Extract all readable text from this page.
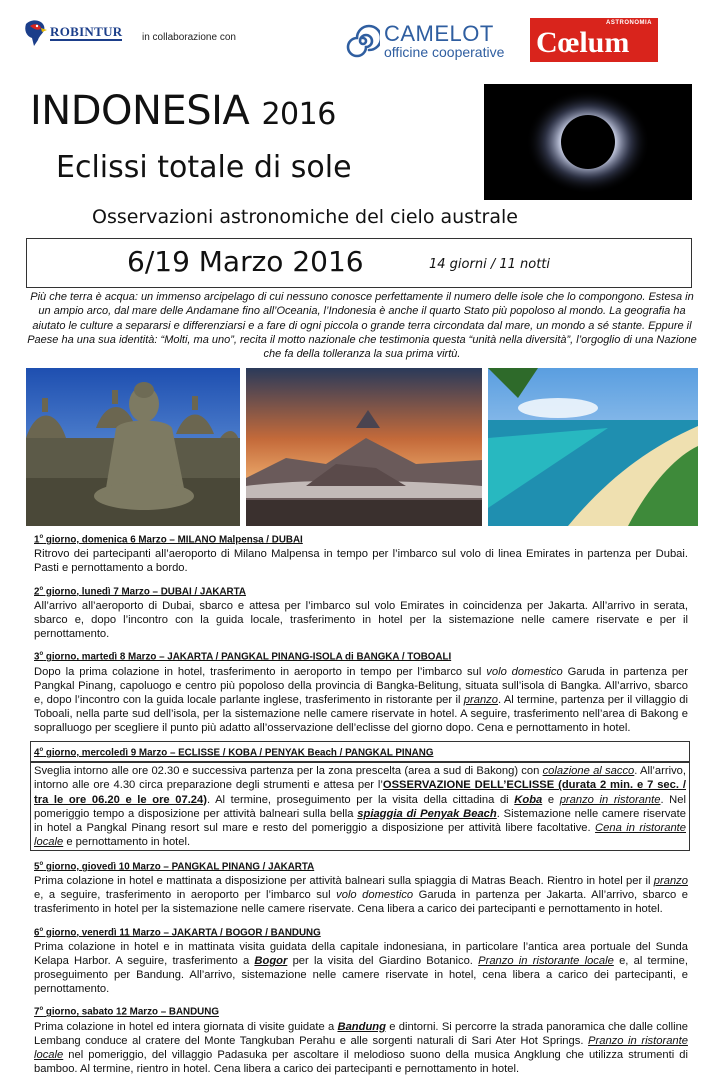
ROBINTUR in collaborazione con	CAMELOT
officine cooperative
ASTRONOMIA
Cœlum
INDONESIA 2016
Eclissi totale di sole
Osservazioni astronomiche del cielo australe
6/19 Marzo 2016	14 giorni / 11 notti
Più che terra è acqua: un immenso arcipelago di cui nessuno conosce perfettamente il numero delle isole che lo compongono. Estesa in un ampio arco, dal mare delle Andamane fino all’Oceania, l’Indonesia è anche il quarto Stato più popoloso al mondo. La geografia ha aiutato le culture a separarsi e differenziarsi e a fare di ogni piccola o grande terra circondata dal mare, un mondo a sé stante. Eppure il Paese ha una sua identità: “Molti, ma uno”, recita il motto nazionale che testimonia questa “unità nella diversità”, l’orgoglio di una Nazione che fa della tolleranza la sua prima virtù.
1$^o$ giorno, domenica 6 Marzo – MILANO Malpensa / DUBAI

Ritrovo dei partecipanti all’aeroporto di Milano Malpensa in tempo per l’imbarco sul volo di linea Emirates in partenza per Dubai. Pasti e pernottamento a bordo.

2$^o$ giorno, lunedì 7 Marzo – DUBAI / JAKARTA

All’arrivo all’aeroporto di Dubai, sbarco e attesa per l’imbarco sul volo Emirates in coincidenza per Jakarta. All’arrivo in serata, sbarco e, dopo l’incontro con la guida locale, trasferimento in hotel per la sistemazione nelle camere riservate e per il pernottamento.

3$^o$ giorno, martedì 8 Marzo – JAKARTA / PANGKAL PINANG-ISOLA di BANGKA / TOBOALI

Dopo la prima colazione in hotel, trasferimento in aeroporto in tempo per l’imbarco sul volo domestico Garuda in partenza per Pangkal Pinang, capoluogo e centro più popoloso della provincia di Bangka-Belitung, situata sull’isola di Bangka. All’arrivo, sbarco e, dopo l’incontro con la guida locale parlante inglese, trasferimento in ristorante per il pranzo. Al termine, partenza per il villaggio di Toboali, nella parte sud dell’isola, per la sistemazione nelle camere riservate in hotel. A seguire, trasferimento nell’area di Bakong e sopralluogo per scegliere il punto più adatto all’osservazione dell’eclisse del giorno dopo. Cena e pernottamento in hotel.

4$^o$ giorno, mercoledì 9 Marzo – ECLISSE / KOBA / PENYAK Beach / PANGKAL PINANG

Sveglia intorno alle ore 02.30 e successiva partenza per la zona prescelta (area a sud di Bakong) con colazione al sacco. All’arrivo, intorno alle ore 4.30 circa preparazione degli strumenti e attesa per l’OSSERVAZIONE DELL’ECLISSE (durata 2 min. e 7 sec. / tra le ore 06.20 e le ore 07.24). Al termine, proseguimento per la visita della cittadina di Koba e pranzo in ristorante. Nel pomeriggio tempo a disposizione per attività balneari sulla bella spiaggia di Penyak Beach. Sistemazione nelle camere riservate in hotel a Pangkal Pinang resort sul mare e resto del pomeriggio a disposizione per attività libere facoltative. Cena in ristorante locale e pernottamento in hotel.

5$^o$ giorno, giovedì 10 Marzo – PANGKAL PINANG / JAKARTA

Prima colazione in hotel e mattinata a disposizione per attività balneari sulla spiaggia di Matras Beach. Rientro in hotel per il pranzo e, a seguire, trasferimento in aeroporto per l’imbarco sul volo domestico Garuda in partenza per Jakarta. All’arrivo, sbarco e trasferimento in hotel per la sistemazione nelle camere riservate. Cena libera a carico dei partecipanti e pernottamento in hotel.

6$^o$ giorno, venerdì 11 Marzo – JAKARTA / BOGOR / BANDUNG

Prima colazione in hotel e in mattinata visita guidata della capitale indonesiana, in particolare l’antica area portuale del Sunda Kelapa Harbor. A seguire, trasferimento a Bogor per la visita del Giardino Botanico. Pranzo in ristorante locale e, al termine, proseguimento per Bandung. All’arrivo, sistemazione nelle camere riservate in hotel, cena libera a carico dei partecipanti, e pernottamento.

7$^o$ giorno, sabato 12 Marzo – BANDUNG

Prima colazione in hotel ed intera giornata di visite guidate a Bandung e dintorni. Si percorre la strada panoramica che dalle colline Lembang conduce al cratere del Monte Tangkuban Perahu e alle sorgenti naturali di Sari Ater Hot Springs. Pranzo in ristorante locale nel pomeriggio, del villaggio Padasuka per ascoltare il melodioso suono della musica Angklung che utilizza strumenti di bamboo. Al termine, rientro in hotel. Cena libera a carico dei partecipanti e pernottamento in hotel.
